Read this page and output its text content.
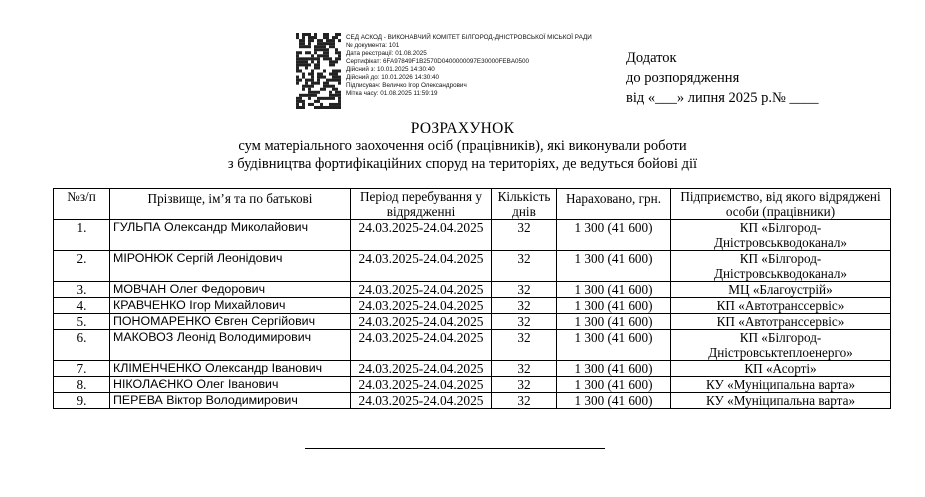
СЕД АСКОД - ВИКОНАВЧИЙ КОМІТЕТ БІЛГОРОД-ДНІСТРОВСЬКОЇ МІСЬКОЇ РАДИ
№ документа: 101
Дата реєстрації: 01.08.2025
Сертифікат: 6FA97849F1B2570D0400000097E30000FEBA0500
Дійсний з: 10.01.2025 14:30:40
Дійсний до: 10.01.2026 14:30:40
Підписувач: Величко Ігор Олександрович
Мітка часу: 01.08.2025 11:59:19
Додаток
до розпорядження
від «___» липня 2025 р.№ ____
РОЗРАХУНОК
сум матеріального заохочення осіб (працівників), які виконували роботи
з будівництва фортифікаційних споруд на територіях, де ведуться бойові дії
№з/п	Прізвище, ім’я та по батькові	Період перебування у відрядженні	Кількість днів	Нараховано, грн.	Підприємство, від якого відряджені особи (працівники)
1.	ГУЛЬПА Олександр Миколайович	24.03.2025-24.04.2025	32	1 300 (41 600)	КП «Білгород-Дністровськводоканал»
2.	МІРОНЮК Сергій Леонідович	24.03.2025-24.04.2025	32	1 300 (41 600)	КП «Білгород-Дністровськводоканал»
3.	МОВЧАН Олег Федорович	24.03.2025-24.04.2025	32	1 300 (41 600)	МЦ «Благоустрій»
4.	КРАВЧЕНКО Ігор Михайлович	24.03.2025-24.04.2025	32	1 300 (41 600)	КП «Автотранссервіс»
5.	ПОНОМАРЕНКО Євген Сергійович	24.03.2025-24.04.2025	32	1 300 (41 600)	КП «Автотранссервіс»
6.	МАКОВОЗ Леонід Володимирович	24.03.2025-24.04.2025	32	1 300 (41 600)	КП «Білгород-Дністровськтеплоенерго»
7.	КЛІМЕНЧЕНКО Олександр Іванович	24.03.2025-24.04.2025	32	1 300 (41 600)	КП «Асорті»
8.	НІКОЛАЄНКО Олег Іванович	24.03.2025-24.04.2025	32	1 300 (41 600)	КУ «Муніципальна варта»
9.	ПЕРЕВА Віктор Володимирович	24.03.2025-24.04.2025	32	1 300 (41 600)	КУ «Муніципальна варта»
